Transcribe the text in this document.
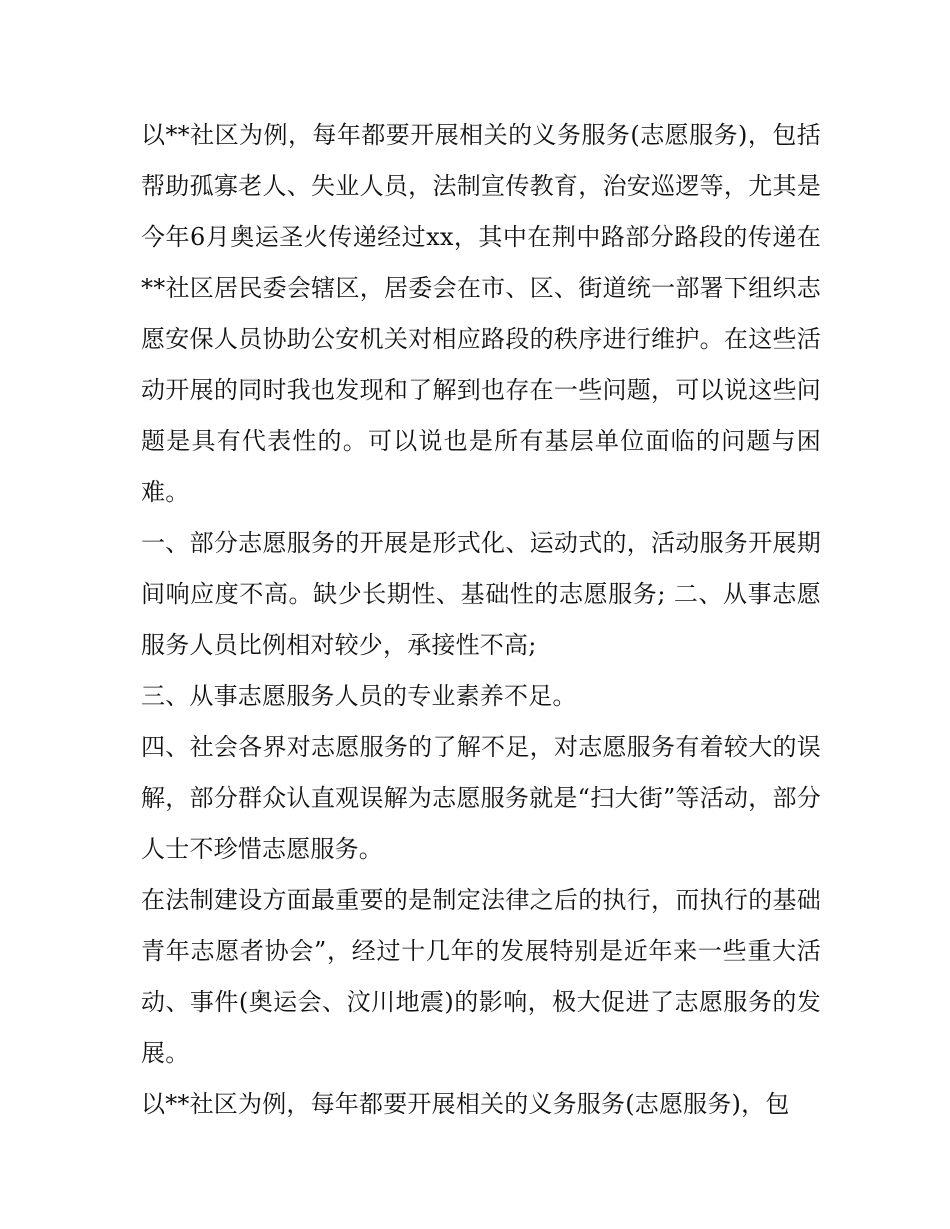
以**社区为例，每年都要开展相关的义务服务(志愿服务)，包括帮助孤寡老人、失业人员，法制宣传教育，治安巡逻等，尤其是今年6月奥运圣火传递经过xx，其中在荆中路部分路段的传递在**社区居民委会辖区，居委会在市、区、街道统一部署下组织志愿安保人员协助公安机关对相应路段的秩序进行维护。在这些活动开展的同时我也发现和了解到也存在一些问题，可以说这些问题是具有代表性的。可以说也是所有基层单位面临的问题与困难。

一、部分志愿服务的开展是形式化、运动式的，活动服务开展期间响应度不高。缺少长期性、基础性的志愿服务; 二、从事志愿服务人员比例相对较少，承接性不高;

三、从事志愿服务人员的专业素养不足。

四、社会各界对志愿服务的了解不足，对志愿服务有着较大的误解，部分群众认直观误解为志愿服务就是“扫大街”等活动，部分人士不珍惜志愿服务。

在法制建设方面最重要的是制定法律之后的执行，而执行的基础青年志愿者协会”，经过十几年的发展特别是近年来一些重大活动、事件(奥运会、汶川地震)的影响，极大促进了志愿服务的发展。

以**社区为例，每年都要开展相关的义务服务(志愿服务)，包
